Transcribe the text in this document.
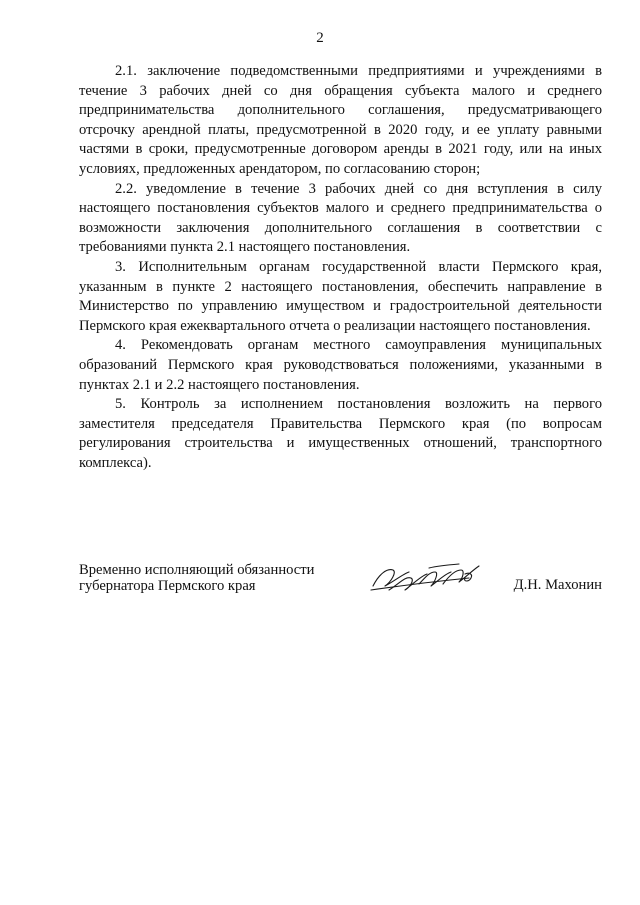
2

2.1. заключение подведомственными предприятиями и учреждениями в течение 3 рабочих дней со дня обращения субъекта малого и среднего предпринимательства дополнительного соглашения, предусматривающего отсрочку арендной платы, предусмотренной в 2020 году, и ее уплату равными частями в сроки, предусмотренные договором аренды в 2021 году, или на иных условиях, предложенных арендатором, по согласованию сторон;

2.2. уведомление в течение 3 рабочих дней со дня вступления в силу настоящего постановления субъектов малого и среднего предпринимательства о возможности заключения дополнительного соглашения в соответствии с требованиями пункта 2.1 настоящего постановления.

3. Исполнительным органам государственной власти Пермского края, указанным в пункте 2 настоящего постановления, обеспечить направление в Министерство по управлению имуществом и градостроительной деятельности Пермского края ежеквартального отчета о реализации настоящего постановления.

4. Рекомендовать органам местного самоуправления муниципальных образований Пермского края руководствоваться положениями, указанными в пунктах 2.1 и 2.2 настоящего постановления.

5. Контроль за исполнением постановления возложить на первого заместителя председателя Правительства Пермского края (по вопросам регулирования строительства и имущественных отношений, транспортного комплекса).

Временно исполняющий обязанности
губернатора Пермского края	Д.Н. Махонин
